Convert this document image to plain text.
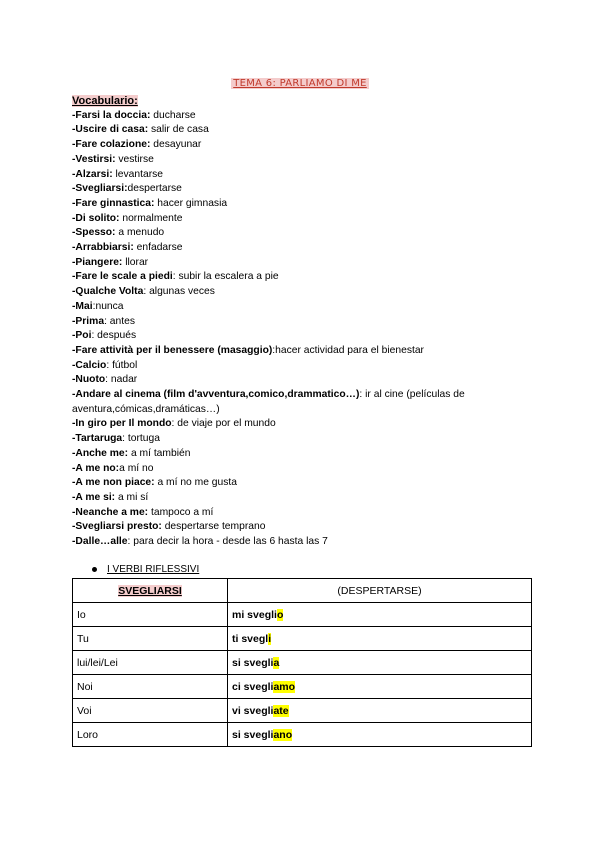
TEMA 6: PARLIAMO DI ME
Vocabulario:
-Farsi la doccia: ducharse
-Uscire di casa: salir de casa
-Fare colazione: desayunar
-Vestirsi: vestirse
-Alzarsi: levantarse
-Svegliarsi:despertarse
-Fare ginnastica: hacer gimnasia
-Di solito: normalmente
-Spesso: a menudo
-Arrabbiarsi: enfadarse
-Piangere: llorar
-Fare le scale a piedi: subir la escalera a pie
-Qualche Volta: algunas veces
-Mai:nunca
-Prima: antes
-Poi: después
-Fare attività per il benessere (masaggio):hacer actividad para el bienestar
-Calcio: fútbol
-Nuoto: nadar
-Andare al cinema (film d'avventura,comico,drammatico…): ir al cine (películas de aventura,cómicas,dramáticas…)
-In giro per Il mondo: de viaje por el mundo
-Tartaruga: tortuga
-Anche me: a mí también
-A me no:a mí no
-A me non piace: a mí no me gusta
-A me si: a mi sí
-Neanche a me: tampoco a mí
-Svegliarsi presto: despertarse temprano
-Dalle…alle: para decir la hora - desde las 6 hasta las 7
I VERBI RIFLESSIVI
SVEGLIARSI	(DESPERTARSE)
Io	mi sveglio
Tu	ti svegli
lui/lei/Lei	si sveglia
Noi	ci svegliamo
Voi	vi svegliate
Loro	si svegliano
